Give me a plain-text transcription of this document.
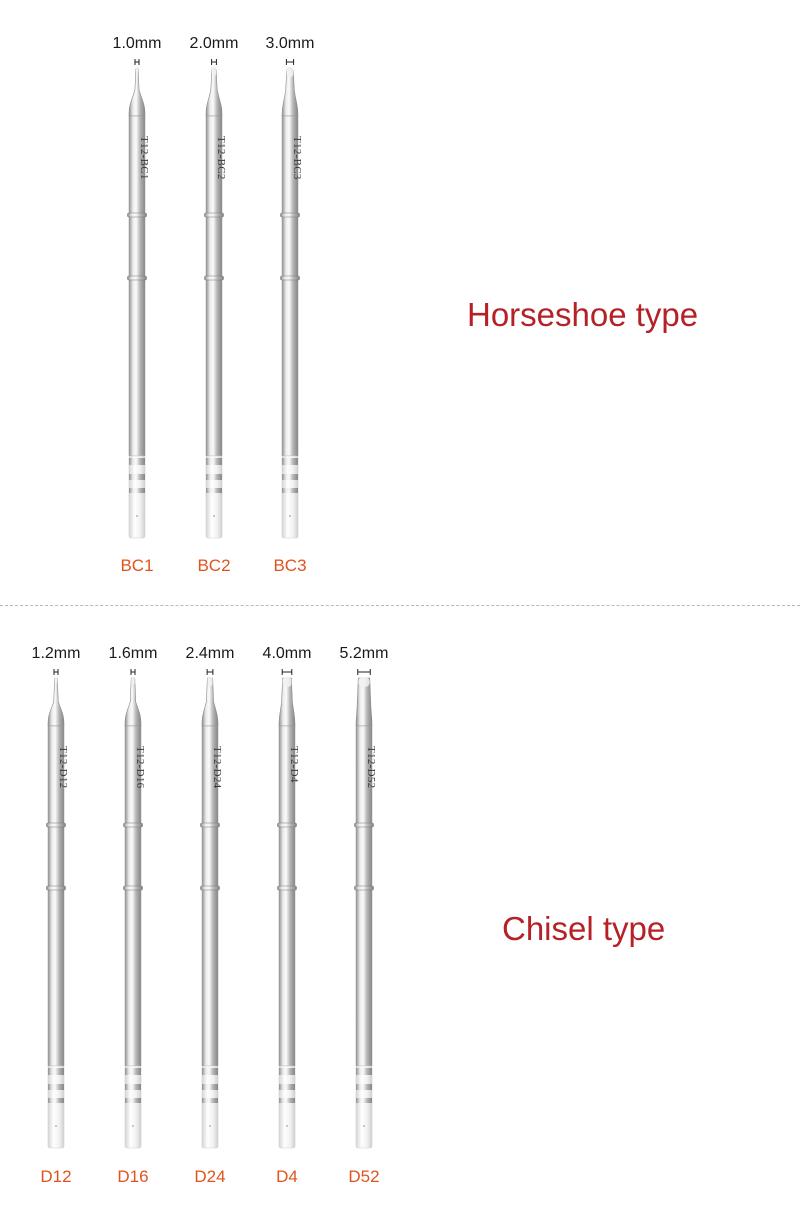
1.0mm
T12-BC1
BC1
2.0mm
T12-BC2
BC2
3.0mm
T12-BC3
BC3
Horseshoe type
1.2mm
T12-D12
D12
1.6mm
T12-D16
D16
2.4mm
T12-D24
D24
4.0mm
T12-D4
D4
5.2mm
T12-D52
D52
Chisel type
